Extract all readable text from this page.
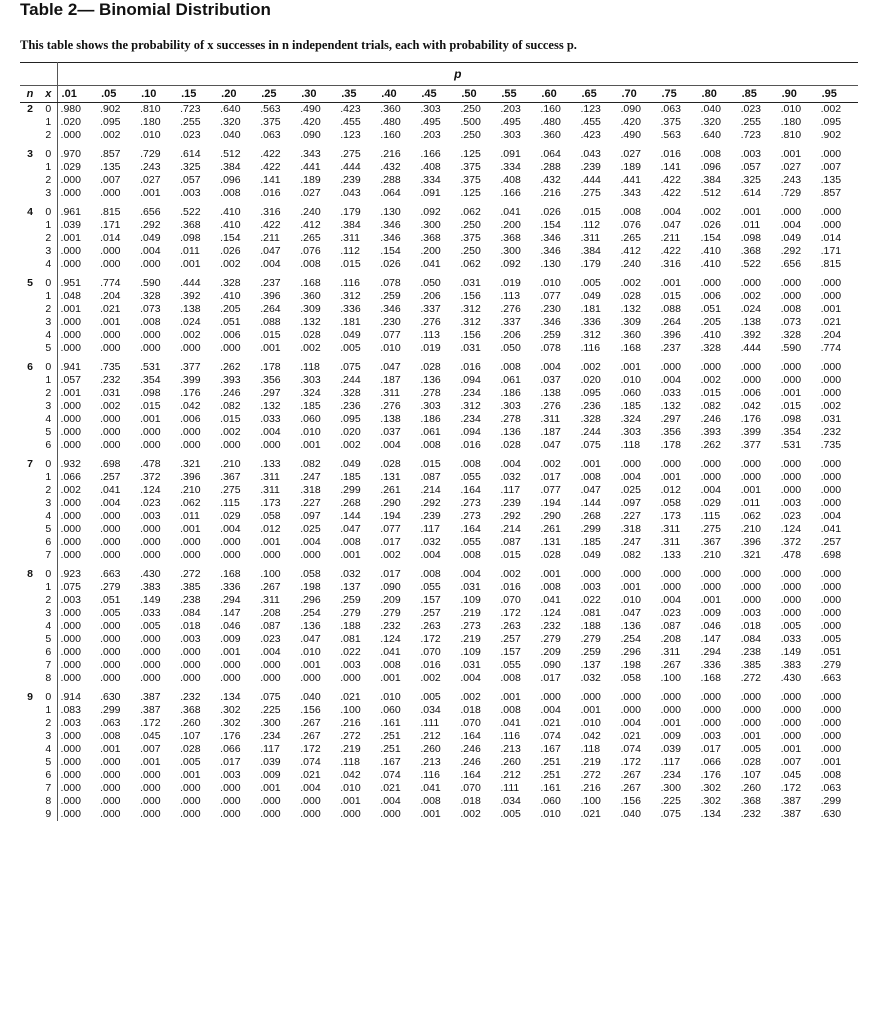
Table 2— Binomial Distribution
This table shows the probability of x successes in n independent trials, each with probability of success p.
		p																			
n	x	.01	.05	.10	.15	.20	.25	.30	.35	.40	.45	.50	.55	.60	.65	.70	.75	.80	.85	.90	.95
2	0	.980	.902	.810	.723	.640	.563	.490	.423	.360	.303	.250	.203	.160	.123	.090	.063	.040	.023	.010	.002
	1	.020	.095	.180	.255	.320	.375	.420	.455	.480	.495	.500	.495	.480	.455	.420	.375	.320	.255	.180	.095
	2	.000	.002	.010	.023	.040	.063	.090	.123	.160	.203	.250	.303	.360	.423	.490	.563	.640	.723	.810	.902

3	0	.970	.857	.729	.614	.512	.422	.343	.275	.216	.166	.125	.091	.064	.043	.027	.016	.008	.003	.001	.000
	1	.029	.135	.243	.325	.384	.422	.441	.444	.432	.408	.375	.334	.288	.239	.189	.141	.096	.057	.027	.007
	2	.000	.007	.027	.057	.096	.141	.189	.239	.288	.334	.375	.408	.432	.444	.441	.422	.384	.325	.243	.135
	3	.000	.000	.001	.003	.008	.016	.027	.043	.064	.091	.125	.166	.216	.275	.343	.422	.512	.614	.729	.857

4	0	.961	.815	.656	.522	.410	.316	.240	.179	.130	.092	.062	.041	.026	.015	.008	.004	.002	.001	.000	.000
	1	.039	.171	.292	.368	.410	.422	.412	.384	.346	.300	.250	.200	.154	.112	.076	.047	.026	.011	.004	.000
	2	.001	.014	.049	.098	.154	.211	.265	.311	.346	.368	.375	.368	.346	.311	.265	.211	.154	.098	.049	.014
	3	.000	.000	.004	.011	.026	.047	.076	.112	.154	.200	.250	.300	.346	.384	.412	.422	.410	.368	.292	.171
	4	.000	.000	.000	.001	.002	.004	.008	.015	.026	.041	.062	.092	.130	.179	.240	.316	.410	.522	.656	.815

5	0	.951	.774	.590	.444	.328	.237	.168	.116	.078	.050	.031	.019	.010	.005	.002	.001	.000	.000	.000	.000
	1	.048	.204	.328	.392	.410	.396	.360	.312	.259	.206	.156	.113	.077	.049	.028	.015	.006	.002	.000	.000
	2	.001	.021	.073	.138	.205	.264	.309	.336	.346	.337	.312	.276	.230	.181	.132	.088	.051	.024	.008	.001
	3	.000	.001	.008	.024	.051	.088	.132	.181	.230	.276	.312	.337	.346	.336	.309	.264	.205	.138	.073	.021
	4	.000	.000	.000	.002	.006	.015	.028	.049	.077	.113	.156	.206	.259	.312	.360	.396	.410	.392	.328	.204
	5	.000	.000	.000	.000	.000	.001	.002	.005	.010	.019	.031	.050	.078	.116	.168	.237	.328	.444	.590	.774

6	0	.941	.735	.531	.377	.262	.178	.118	.075	.047	.028	.016	.008	.004	.002	.001	.000	.000	.000	.000	.000
	1	.057	.232	.354	.399	.393	.356	.303	.244	.187	.136	.094	.061	.037	.020	.010	.004	.002	.000	.000	.000
	2	.001	.031	.098	.176	.246	.297	.324	.328	.311	.278	.234	.186	.138	.095	.060	.033	.015	.006	.001	.000
	3	.000	.002	.015	.042	.082	.132	.185	.236	.276	.303	.312	.303	.276	.236	.185	.132	.082	.042	.015	.002
	4	.000	.000	.001	.006	.015	.033	.060	.095	.138	.186	.234	.278	.311	.328	.324	.297	.246	.176	.098	.031
	5	.000	.000	.000	.000	.002	.004	.010	.020	.037	.061	.094	.136	.187	.244	.303	.356	.393	.399	.354	.232
	6	.000	.000	.000	.000	.000	.000	.001	.002	.004	.008	.016	.028	.047	.075	.118	.178	.262	.377	.531	.735

7	0	.932	.698	.478	.321	.210	.133	.082	.049	.028	.015	.008	.004	.002	.001	.000	.000	.000	.000	.000	.000
	1	.066	.257	.372	.396	.367	.311	.247	.185	.131	.087	.055	.032	.017	.008	.004	.001	.000	.000	.000	.000
	2	.002	.041	.124	.210	.275	.311	.318	.299	.261	.214	.164	.117	.077	.047	.025	.012	.004	.001	.000	.000
	3	.000	.004	.023	.062	.115	.173	.227	.268	.290	.292	.273	.239	.194	.144	.097	.058	.029	.011	.003	.000
	4	.000	.000	.003	.011	.029	.058	.097	.144	.194	.239	.273	.292	.290	.268	.227	.173	.115	.062	.023	.004
	5	.000	.000	.000	.001	.004	.012	.025	.047	.077	.117	.164	.214	.261	.299	.318	.311	.275	.210	.124	.041
	6	.000	.000	.000	.000	.000	.001	.004	.008	.017	.032	.055	.087	.131	.185	.247	.311	.367	.396	.372	.257
	7	.000	.000	.000	.000	.000	.000	.000	.001	.002	.004	.008	.015	.028	.049	.082	.133	.210	.321	.478	.698

8	0	.923	.663	.430	.272	.168	.100	.058	.032	.017	.008	.004	.002	.001	.000	.000	.000	.000	.000	.000	.000
	1	.075	.279	.383	.385	.336	.267	.198	.137	.090	.055	.031	.016	.008	.003	.001	.000	.000	.000	.000	.000
	2	.003	.051	.149	.238	.294	.311	.296	.259	.209	.157	.109	.070	.041	.022	.010	.004	.001	.000	.000	.000
	3	.000	.005	.033	.084	.147	.208	.254	.279	.279	.257	.219	.172	.124	.081	.047	.023	.009	.003	.000	.000
	4	.000	.000	.005	.018	.046	.087	.136	.188	.232	.263	.273	.263	.232	.188	.136	.087	.046	.018	.005	.000
	5	.000	.000	.000	.003	.009	.023	.047	.081	.124	.172	.219	.257	.279	.279	.254	.208	.147	.084	.033	.005
	6	.000	.000	.000	.000	.001	.004	.010	.022	.041	.070	.109	.157	.209	.259	.296	.311	.294	.238	.149	.051
	7	.000	.000	.000	.000	.000	.000	.001	.003	.008	.016	.031	.055	.090	.137	.198	.267	.336	.385	.383	.279
	8	.000	.000	.000	.000	.000	.000	.000	.000	.001	.002	.004	.008	.017	.032	.058	.100	.168	.272	.430	.663

9	0	.914	.630	.387	.232	.134	.075	.040	.021	.010	.005	.002	.001	.000	.000	.000	.000	.000	.000	.000	.000
	1	.083	.299	.387	.368	.302	.225	.156	.100	.060	.034	.018	.008	.004	.001	.000	.000	.000	.000	.000	.000
	2	.003	.063	.172	.260	.302	.300	.267	.216	.161	.111	.070	.041	.021	.010	.004	.001	.000	.000	.000	.000
	3	.000	.008	.045	.107	.176	.234	.267	.272	.251	.212	.164	.116	.074	.042	.021	.009	.003	.001	.000	.000
	4	.000	.001	.007	.028	.066	.117	.172	.219	.251	.260	.246	.213	.167	.118	.074	.039	.017	.005	.001	.000
	5	.000	.000	.001	.005	.017	.039	.074	.118	.167	.213	.246	.260	.251	.219	.172	.117	.066	.028	.007	.001
	6	.000	.000	.000	.001	.003	.009	.021	.042	.074	.116	.164	.212	.251	.272	.267	.234	.176	.107	.045	.008
	7	.000	.000	.000	.000	.000	.001	.004	.010	.021	.041	.070	.111	.161	.216	.267	.300	.302	.260	.172	.063
	8	.000	.000	.000	.000	.000	.000	.000	.001	.004	.008	.018	.034	.060	.100	.156	.225	.302	.368	.387	.299
	9	.000	.000	.000	.000	.000	.000	.000	.000	.000	.001	.002	.005	.010	.021	.040	.075	.134	.232	.387	.630
